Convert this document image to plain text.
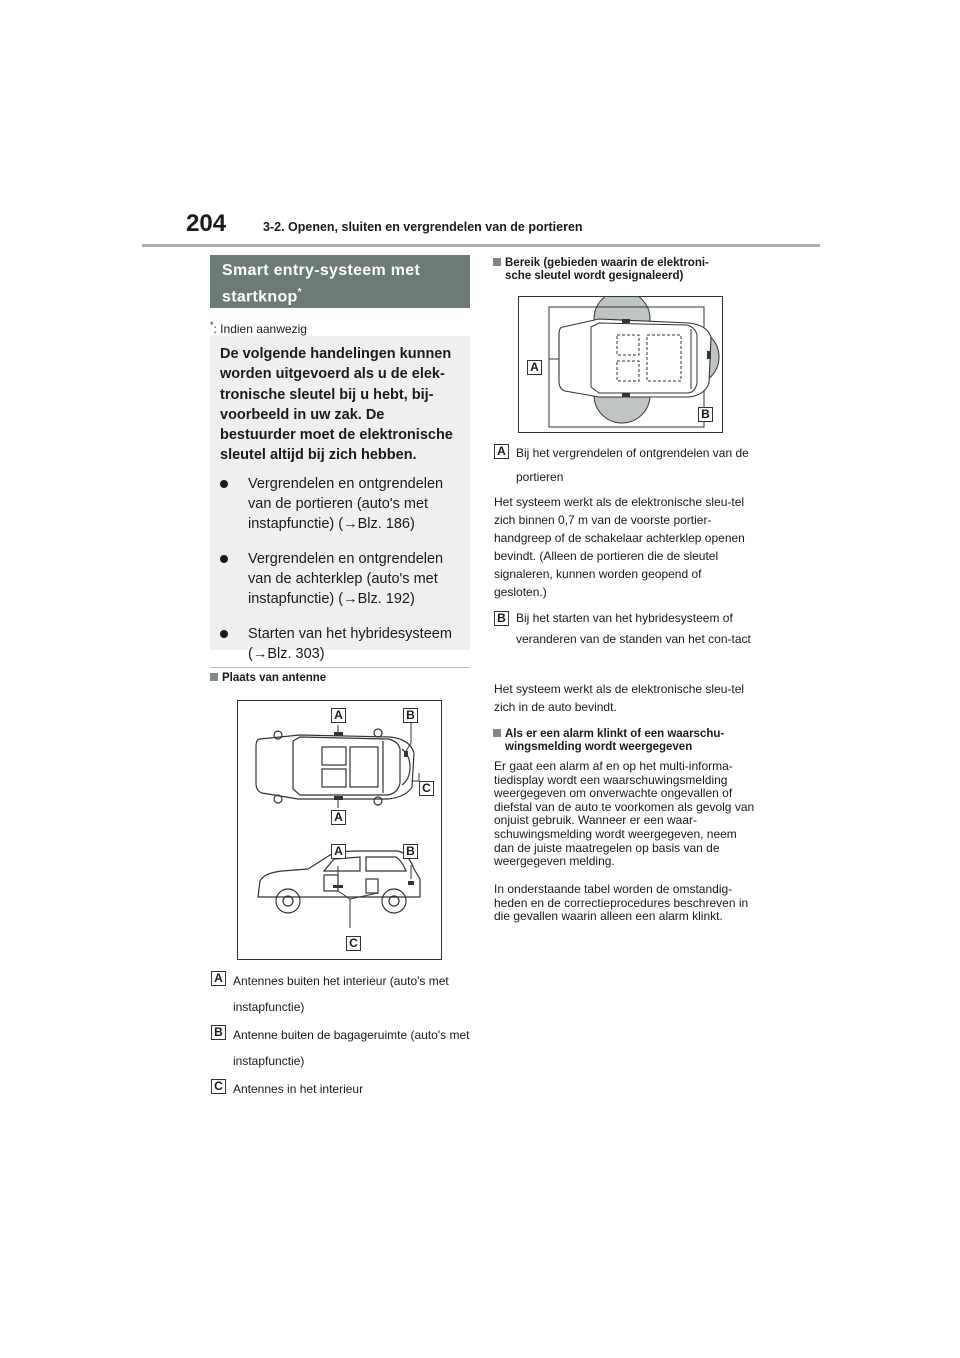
204	3-2. Openen, sluiten en vergrendelen van de portieren
Smart entry-systeem met
startknop*
*: Indien aanwezig

De volgende handelingen kunnen worden uitgevoerd als u de elek-tronische sleutel bij u hebt, bij-voorbeeld in uw zak. De bestuurder moet de elektronische sleutel altijd bij zich hebben.

Vergrendelen en ontgrendelen van de portieren (auto's met instapfunctie) (→Blz. 186)
Vergrendelen en ontgrendelen van de achterklep (auto's met instapfunctie) (→Blz. 192)
Starten van het hybridesysteem (→Blz. 303)
Plaats van antenne
A	B
C
A
A	B
C
A Antennes buiten het interieur (auto's met instapfunctie)
B Antenne buiten de bagageruimte (auto's met instapfunctie)
C Antennes in het interieur
Bereik (gebieden waarin de elektroni-
sche sleutel wordt gesignaleerd)
A
B
A Bij het vergrendelen of ontgrendelen van de portieren
Het systeem werkt als de elektronische sleu-tel zich binnen 0,7 m van de voorste portier-handgreep of de schakelaar achterklep openen bevindt. (Alleen de portieren die de sleutel signaleren, kunnen worden geopend of gesloten.)
B Bij het starten van het hybridesysteem of veranderen van de standen van het con-tact
Het systeem werkt als de elektronische sleu-tel zich in de auto bevindt.
Als er een alarm klinkt of een waarschu-
wingsmelding wordt weergegeven
Er gaat een alarm af en op het multi-informa-tiedisplay wordt een waarschuwingsmelding weergegeven om onverwachte ongevallen of diefstal van de auto te voorkomen als gevolg van onjuist gebruik. Wanneer er een waar-schuwingsmelding wordt weergegeven, neem dan de juiste maatregelen op basis van de weergegeven melding.
In onderstaande tabel worden de omstandig-heden en de correctieprocedures beschreven in die gevallen waarin alleen een alarm klinkt.
